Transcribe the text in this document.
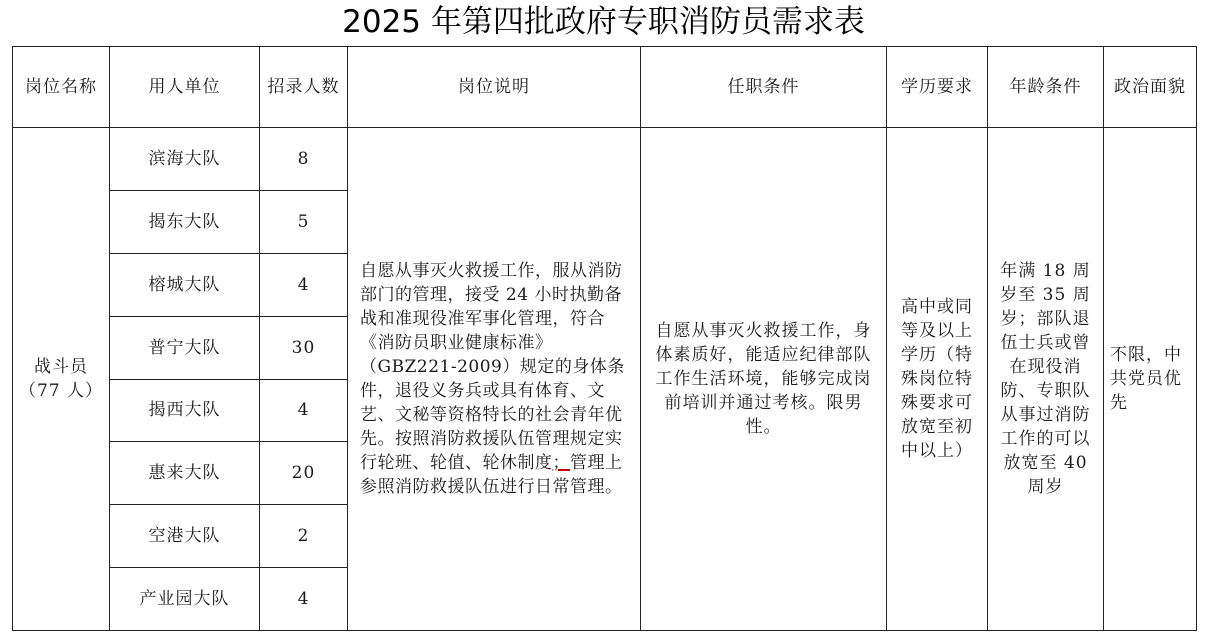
2025 年第四批政府专职消防员需求表
岗位名称	用人单位	招录人数	岗位说明	任职条件	学历要求	年龄条件	政治面貌

战斗员（77 人）	滨海大队	8	自愿从事灭火救援工作，服从消防部门的管理，接受 24 小时执勤备战和准现役准军事化管理，符合《消防员职业健康标准》（GBZ221-2009）规定的身体条件，退役义务兵或具有体育、文艺、文秘等资格特长的社会青年优先。按照消防救援队伍管理规定实行轮班、轮值、轮休制度；管理上参照消防救援队伍进行日常管理。	自愿从事灭火救援工作，身体素质好，能适应纪律部队工作生活环境，能够完成岗前培训并通过考核。限男性。	高中或同等及以上学历（特殊岗位特殊要求可放宽至初中以上）	年满 18 周岁至 35 周岁；部队退伍士兵或曾在现役消防、专职队从事过消防工作的可以放宽至 40 周岁	不限，中共党员优先

	揭东大队	5					
	榕城大队	4					
	普宁大队	30					
	揭西大队	4					
	惠来大队	20					
	空港大队	2					
	产业园大队	4					
